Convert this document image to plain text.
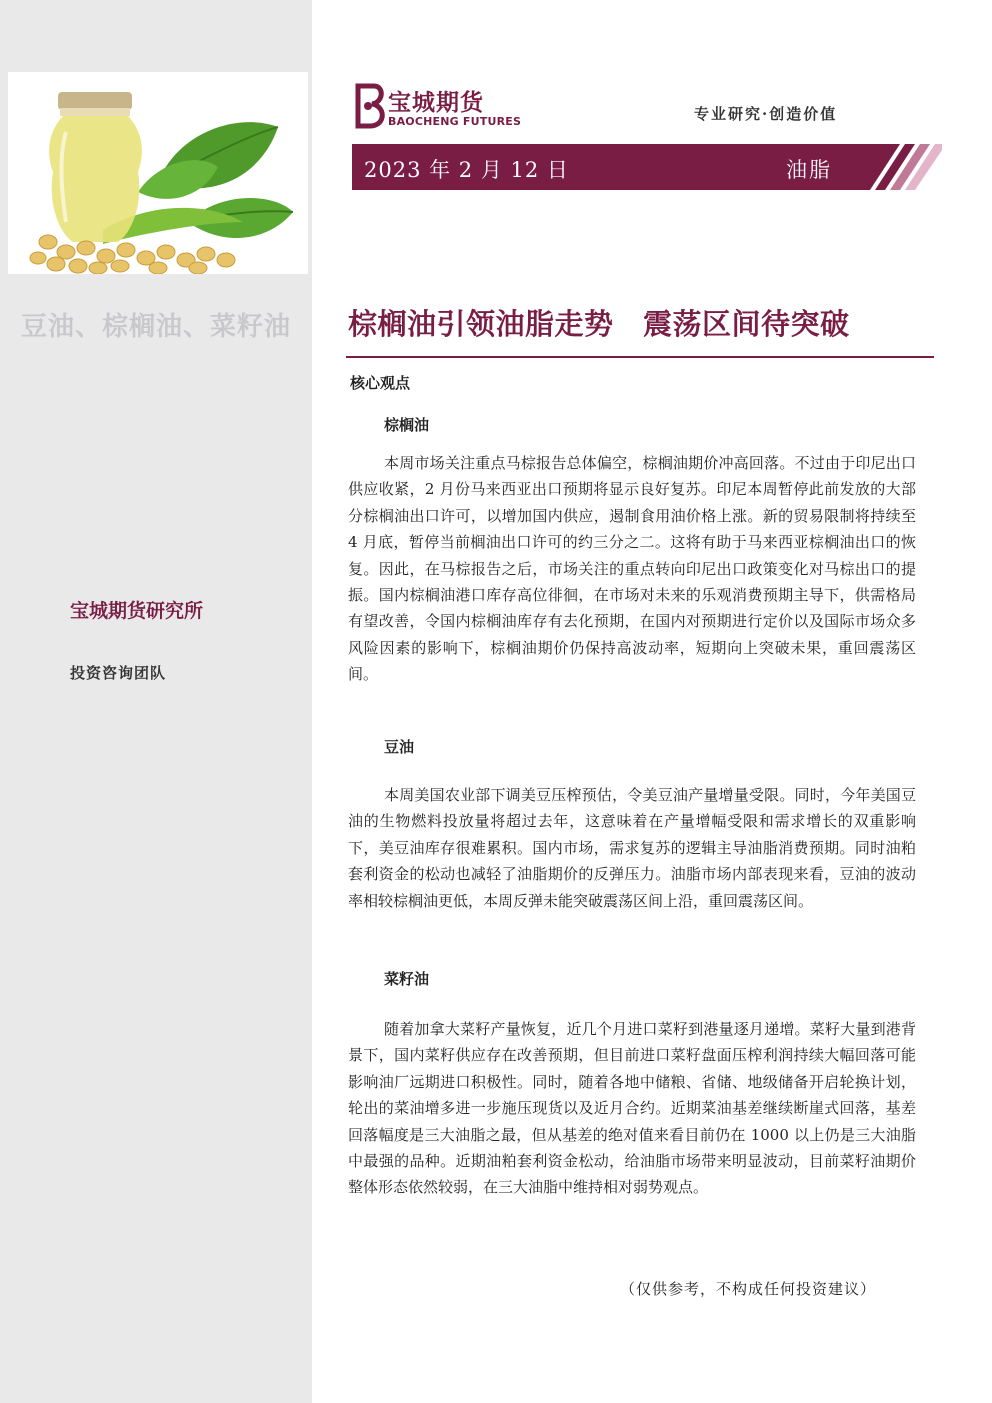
豆油、棕榈油、菜籽油
宝城期货研究所
投资咨询团队
宝城期货
BAOCHENG FUTURES	专业研究·创造价值
2023 年 2 月 12 日	油脂
棕榈油引领油脂走势　震荡区间待突破
核心观点
棕榈油
本周市场关注重点马棕报告总体偏空，棕榈油期价冲高回落。不过由于印尼出口供应收紧，2 月份马来西亚出口预期将显示良好复苏。印尼本周暂停此前发放的大部分棕榈油出口许可，以增加国内供应，遏制食用油价格上涨。新的贸易限制将持续至 4 月底，暂停当前榈油出口许可的约三分之二。这将有助于马来西亚棕榈油出口的恢复。因此，在马棕报告之后，市场关注的重点转向印尼出口政策变化对马棕出口的提振。国内棕榈油港口库存高位徘徊，在市场对未来的乐观消费预期主导下，供需格局有望改善，令国内棕榈油库存有去化预期，在国内对预期进行定价以及国际市场众多风险因素的影响下，棕榈油期价仍保持高波动率，短期向上突破未果，重回震荡区间。
豆油
本周美国农业部下调美豆压榨预估，令美豆油产量增量受限。同时，今年美国豆油的生物燃料投放量将超过去年，这意味着在产量增幅受限和需求增长的双重影响下，美豆油库存很难累积。国内市场，需求复苏的逻辑主导油脂消费预期。同时油粕套利资金的松动也减轻了油脂期价的反弹压力。油脂市场内部表现来看，豆油的波动率相较棕榈油更低，本周反弹未能突破震荡区间上沿，重回震荡区间。
菜籽油
随着加拿大菜籽产量恢复，近几个月进口菜籽到港量逐月递增。菜籽大量到港背景下，国内菜籽供应存在改善预期，但目前进口菜籽盘面压榨利润持续大幅回落可能影响油厂远期进口积极性。同时，随着各地中储粮、省储、地级储备开启轮换计划，轮出的菜油增多进一步施压现货以及近月合约。近期菜油基差继续断崖式回落，基差回落幅度是三大油脂之最，但从基差的绝对值来看目前仍在 1000 以上仍是三大油脂中最强的品种。近期油粕套利资金松动，给油脂市场带来明显波动，目前菜籽油期价整体形态依然较弱，在三大油脂中维持相对弱势观点。
（仅供参考，不构成任何投资建议）
